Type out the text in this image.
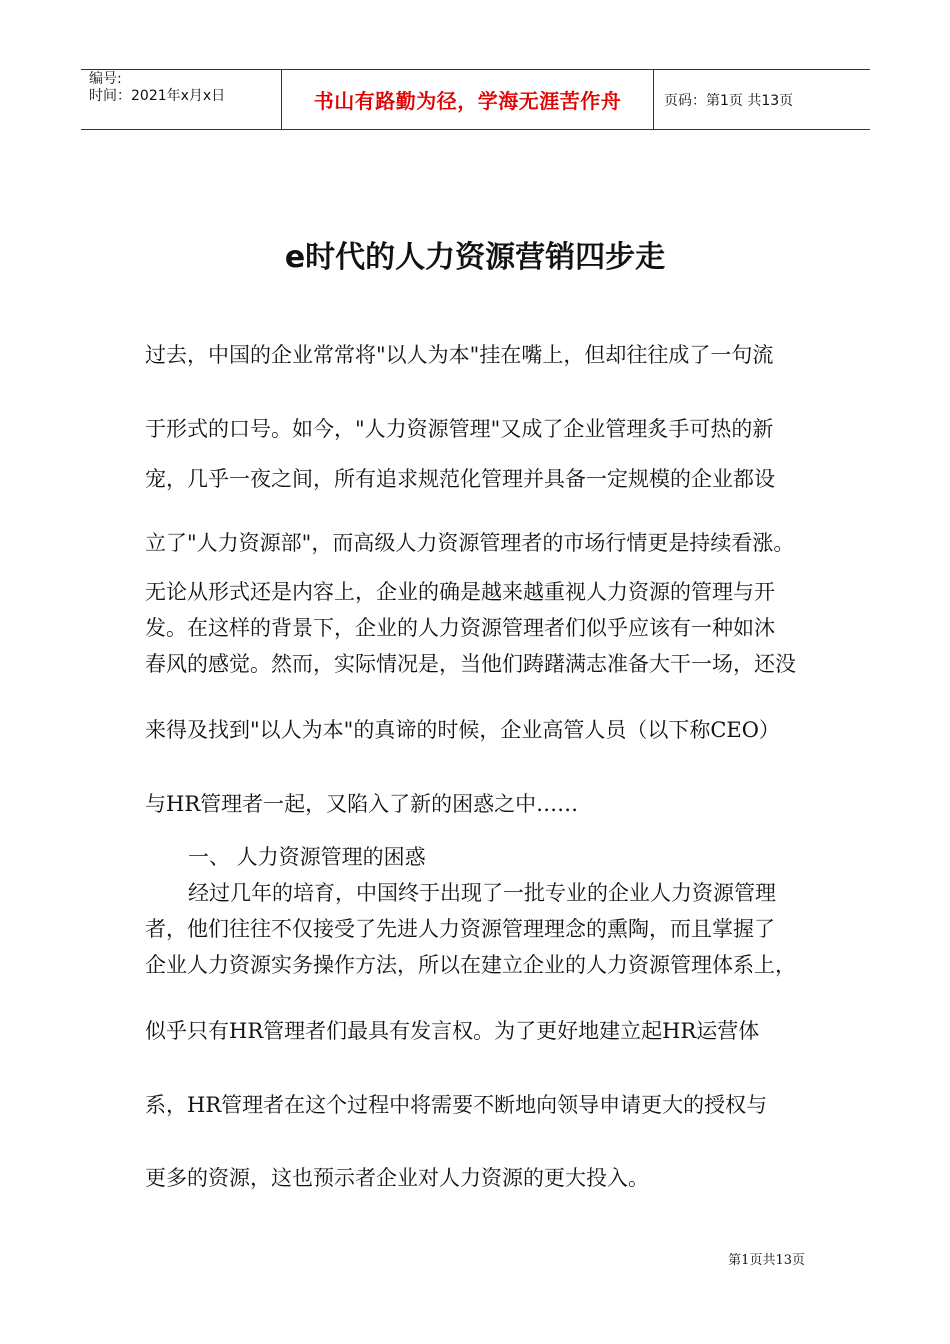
编号:
时间：2021年x月x日	书山有路勤为径，学海无涯苦作舟	页码：第1页 共13页
e时代的人力资源营销四步走

过去，中国的企业常常将"以人为本"挂在嘴上，但却往往成了一句流

于形式的口号。如今，"人力资源管理"又成了企业管理炙手可热的新

宠，几乎一夜之间，所有追求规范化管理并具备一定规模的企业都设

立了"人力资源部"，而高级人力资源管理者的市场行情更是持续看涨。

无论从形式还是内容上，企业的确是越来越重视人力资源的管理与开

发。在这样的背景下，企业的人力资源管理者们似乎应该有一种如沐

春风的感觉。然而，实际情况是，当他们踌躇满志准备大干一场，还没

来得及找到"以人为本"的真谛的时候，企业高管人员（以下称CEO）

与HR管理者一起，又陷入了新的困惑之中……

一、 人力资源管理的困惑

经过几年的培育，中国终于出现了一批专业的企业人力资源管理

者，他们往往不仅接受了先进人力资源管理理念的熏陶，而且掌握了

企业人力资源实务操作方法，所以在建立企业的人力资源管理体系上，

似乎只有HR管理者们最具有发言权。为了更好地建立起HR运营体

系，HR管理者在这个过程中将需要不断地向领导申请更大的授权与

更多的资源，这也预示者企业对人力资源的更大投入。

第1页共13页
